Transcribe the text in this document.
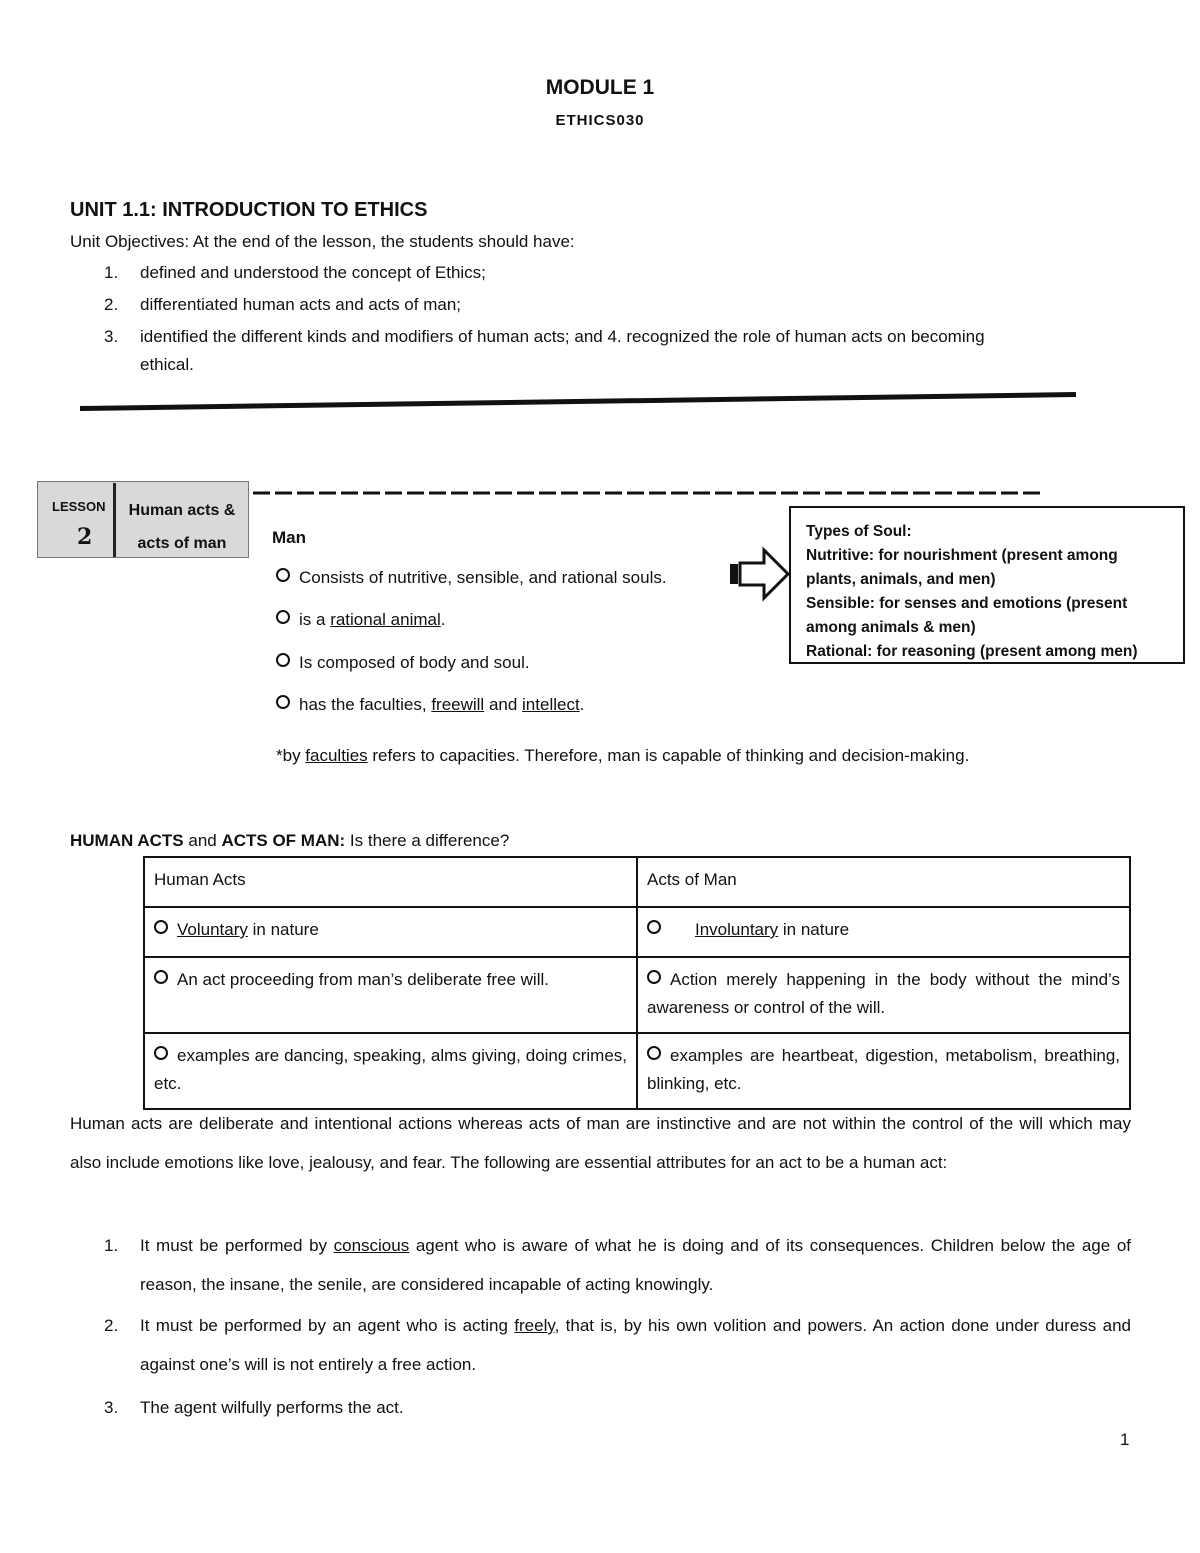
MODULE 1
ETHICS030
UNIT 1.1: INTRODUCTION TO ETHICS
Unit Objectives: At the end of the lesson, the students should have:
1.	defined and understood the concept of Ethics;
2.	differentiated human acts and acts of man;
3.	identified the different kinds and modifiers of human acts; and 4. recognized the role of human acts on becoming
ethical.
LESSON
2
Human acts &
acts of man	Man
Consists of nutritive, sensible, and rational souls.
is a rational animal.
Is composed of body and soul.
has the faculties, freewill and intellect.
Types of Soul:
Nutritive: for nourishment (present among
plants, animals, and men)
Sensible: for senses and emotions (present
among animals & men)
Rational: for reasoning (present among men)
*by faculties refers to capacities. Therefore, man is capable of thinking and decision-making.
HUMAN ACTS and ACTS OF MAN: Is there a difference?
Human Acts	Acts of Man
Voluntary in nature	Involuntary in nature
An act proceeding from man’s deliberate free will.	Action merely happening in the body without the mind’s awareness or control of the will.
examples are dancing, speaking, alms giving, doing crimes, etc.	examples are heartbeat, digestion, metabolism, breathing, blinking, etc.
Human acts are deliberate and intentional actions whereas acts of man are instinctive and are not within the control of the will which may also include emotions like love, jealousy, and fear. The following are essential attributes for an act to be a human act:
1. It must be performed by conscious agent who is aware of what he is doing and of its consequences. Children below the age of reason, the insane, the senile, are considered incapable of acting knowingly.
2. It must be performed by an agent who is acting freely, that is, by his own volition and powers. An action done under duress and against one’s will is not entirely a free action.
3. The agent wilfully performs the act.
1
